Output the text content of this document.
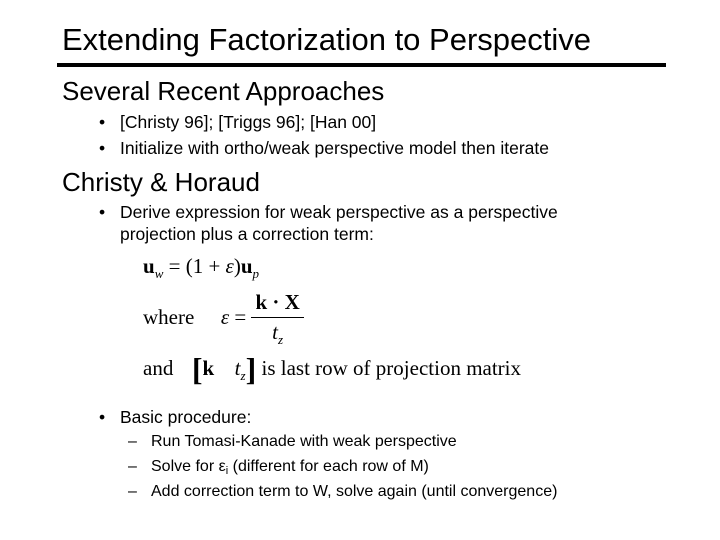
Extending Factorization to Perspective
Several Recent Approaches
• [Christy 96]; [Triggs 96]; [Han 00]
• Initialize with ortho/weak perspective model then iterate
Christy & Horaud
• Derive expression for weak perspective as a perspective
projection plus a correction term:
$u_w = (1 + \varepsilon)u_p$
where $\varepsilon = \frac{k \cdot X}{t_z}$
and [k $t_z$] is last row of projection matrix
• Basic procedure:
– Run Tomasi-Kanade with weak perspective
– Solve for εi (different for each row of M)
– Add correction term to W, solve again (until convergence)
